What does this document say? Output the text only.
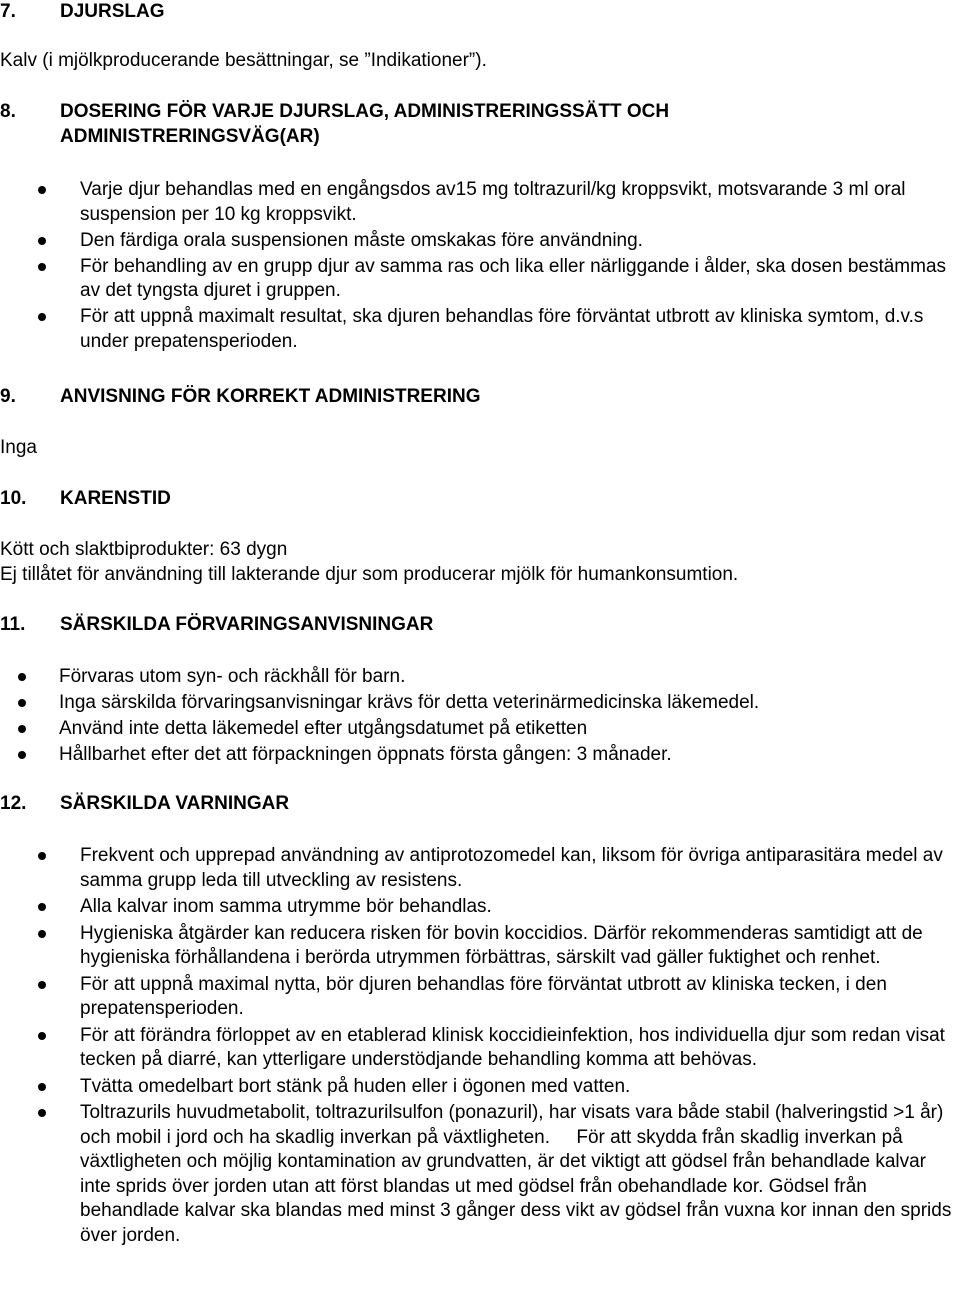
7. DJURSLAG
Kalv (i mjölkproducerande besättningar, se ”Indikationer”).
8.	DOSERING FÖR VARJE DJURSLAG, ADMINISTRERINGSSÄTT OCH ADMINISTRERINGSVÄG(AR)
Varje djur behandlas med en engångsdos av15 mg toltrazuril/kg kroppsvikt, motsvarande 3 ml oral suspension per 10 kg kroppsvikt.
Den färdiga orala suspensionen måste omskakas före användning.
För behandling av en grupp djur av samma ras och lika eller närliggande i ålder, ska dosen bestämmas av det tyngsta djuret i gruppen.
För att uppnå maximalt resultat, ska djuren behandlas före förväntat utbrott av kliniska symtom, d.v.s under prepatensperioden.
9. ANVISNING FÖR KORREKT ADMINISTRERING
Inga
10. KARENSTID
Kött och slaktbiprodukter: 63 dygn
Ej tillåtet för användning till lakterande djur som producerar mjölk för humankonsumtion.
11. SÄRSKILDA FÖRVARINGSANVISNINGAR
Förvaras utom syn- och räckhåll för barn.
Inga särskilda förvaringsanvisningar krävs för detta veterinärmedicinska läkemedel.
Använd inte detta läkemedel efter utgångsdatumet på etiketten
Hållbarhet efter det att förpackningen öppnats första gången: 3 månader.
12. SÄRSKILDA VARNINGAR
Frekvent och upprepad användning av antiprotozomedel kan, liksom för övriga antiparasitära medel av samma grupp leda till utveckling av resistens.
Alla kalvar inom samma utrymme bör behandlas.
Hygieniska åtgärder kan reducera risken för bovin koccidios. Därför rekommenderas samtidigt att de hygieniska förhållandena i berörda utrymmen förbättras, särskilt vad gäller fuktighet och renhet.
För att uppnå maximal nytta, bör djuren behandlas före förväntat utbrott av kliniska tecken, i den prepatensperioden.
För att förändra förloppet av en etablerad klinisk koccidieinfektion, hos individuella djur som redan visat tecken på diarré, kan ytterligare understödjande behandling komma att behövas.
Tvätta omedelbart bort stänk på huden eller i ögonen med vatten.
Toltrazurils huvudmetabolit, toltrazurilsulfon (ponazuril), har visats vara både stabil (halveringstid >1 år) och mobil i jord och ha skadlig inverkan på växtligheten.     För att skydda från skadlig inverkan på växtligheten och möjlig kontamination av grundvatten, är det viktigt att gödsel från behandlade kalvar inte sprids över jorden utan att först blandas ut med gödsel från obehandlade kor. Gödsel från behandlade kalvar ska blandas med minst 3 gånger dess vikt av gödsel från vuxna kor innan den sprids över jorden.
